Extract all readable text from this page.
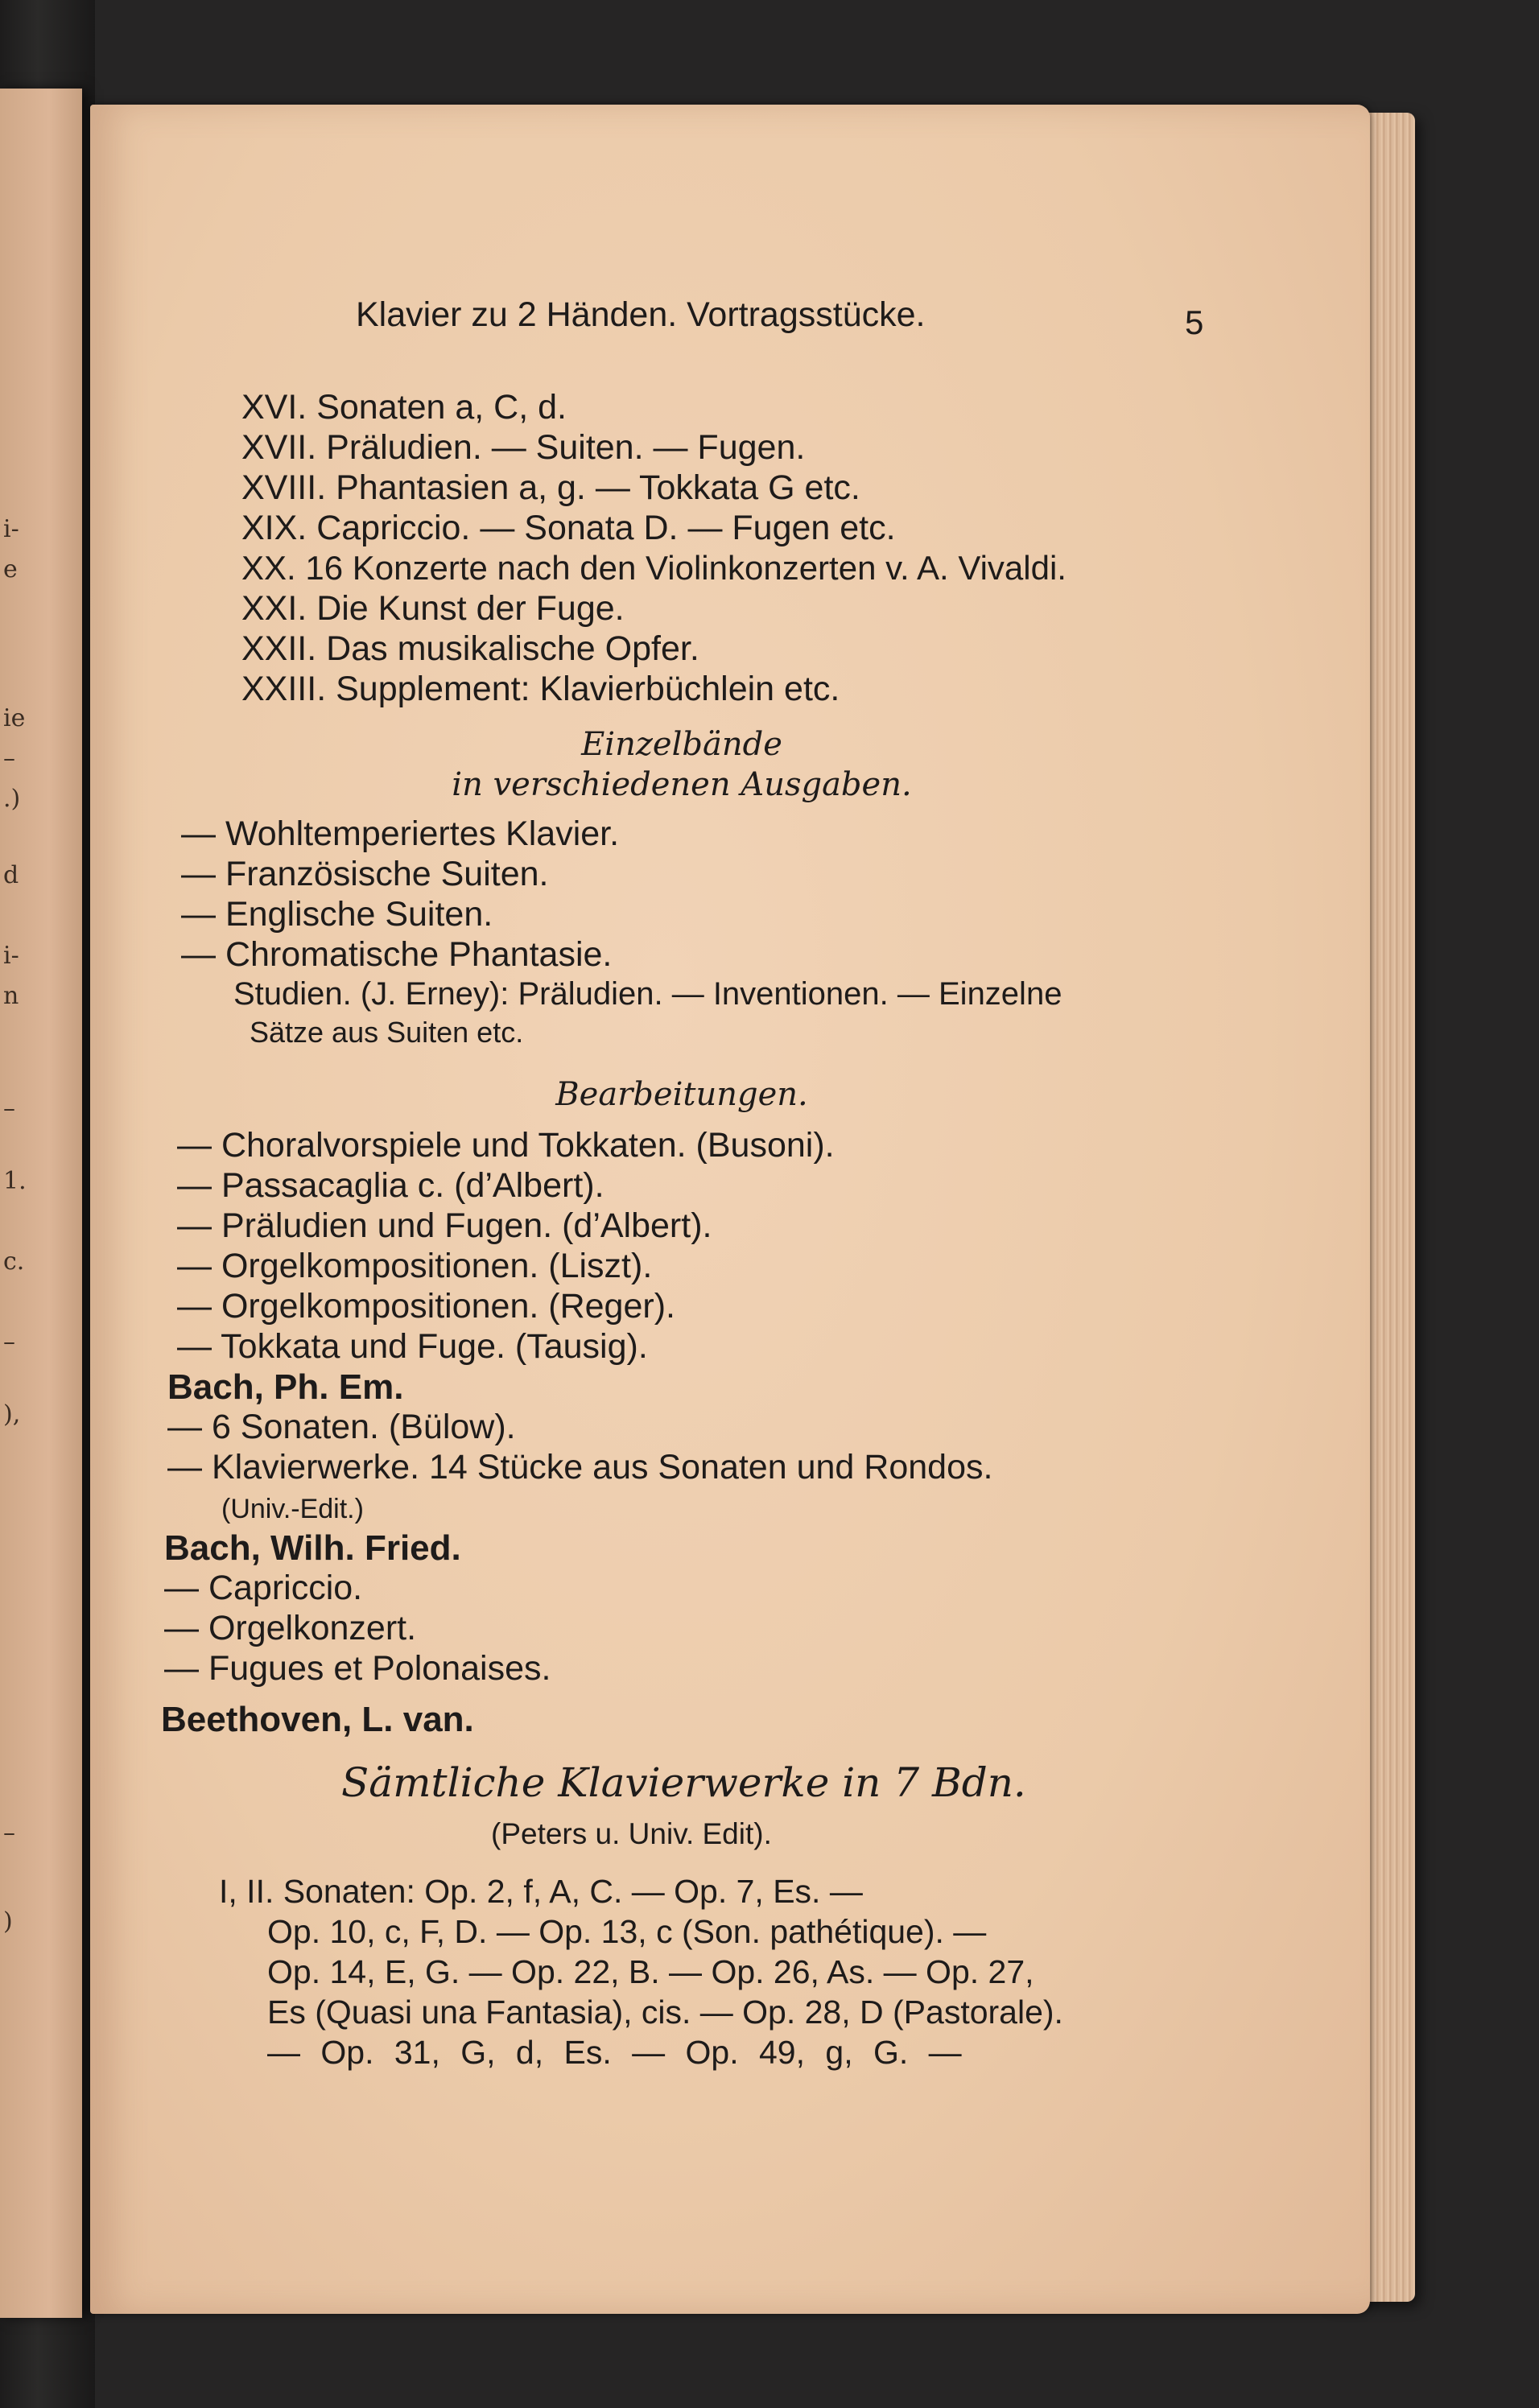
i-
e
ie
–
.)
d
i-
n
–
1.
c.
–
),
–
)
Klavier zu 2 Händen. Vortragsstücke.	5
XVI. Sonaten a, C, d.
XVII. Präludien. — Suiten. — Fugen.
XVIII. Phantasien a, g. — Tokkata G etc.
XIX. Capriccio. — Sonata D. — Fugen etc.
XX. 16 Konzerte nach den Violinkonzerten v. A. Vivaldi.
XXI. Die Kunst der Fuge.
XXII. Das musikalische Opfer.
XXIII. Supplement: Klavierbüchlein etc.
Einzelbände
in verschiedenen Ausgaben.
— Wohltemperiertes Klavier.
— Französische Suiten.
— Englische Suiten.
— Chromatische Phantasie.
Studien. (J. Erney): Präludien. — Inventionen. — Einzelne
Sätze aus Suiten etc.
Bearbeitungen.
— Choralvorspiele und Tokkaten. (Busoni).
— Passacaglia c. (d’Albert).
— Präludien und Fugen. (d’Albert).
— Orgelkompositionen. (Liszt).
— Orgelkompositionen. (Reger).
— Tokkata und Fuge. (Tausig).
Bach, Ph. Em.
— 6 Sonaten. (Bülow).
— Klavierwerke. 14 Stücke aus Sonaten und Rondos.
(Univ.-Edit.)
Bach, Wilh. Fried.
— Capriccio.
— Orgelkonzert.
— Fugues et Polonaises.
Beethoven, L. van.
Sämtliche Klavierwerke in 7 Bdn.
(Peters u. Univ. Edit).
I, II. Sonaten: Op. 2, f, A, C. — Op. 7, Es. —
Op. 10, c, F, D. — Op. 13, c (Son. pathétique). —
Op. 14, E, G. — Op. 22, B. — Op. 26, As. — Op. 27,
Es (Quasi una Fantasia), cis. — Op. 28, D (Pastorale).
— Op. 31, G, d, Es. — Op. 49, g, G. —
